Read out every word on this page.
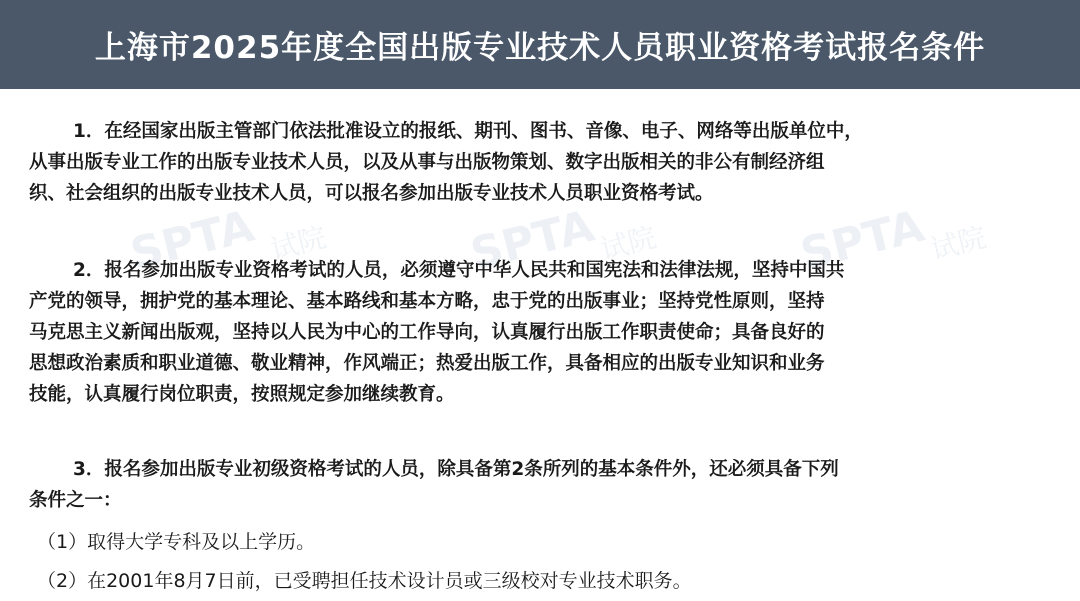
上海市2025年度全国出版专业技术人员职业资格考试报名条件
SPTA 试院	SPTA
试院	SPTA
试院
1．在经国家出版主管部门依法批准设立的报纸、期刊、图书、音像、电子、网络等出版单位中，
从事出版专业工作的出版专业技术人员，以及从事与出版物策划、数字出版相关的非公有制经济组
织、社会组织的出版专业技术人员，可以报名参加出版专业技术人员职业资格考试。
2．报名参加出版专业资格考试的人员，必须遵守中华人民共和国宪法和法律法规，坚持中国共
产党的领导，拥护党的基本理论、基本路线和基本方略，忠于党的出版事业；坚持党性原则，坚持
马克思主义新闻出版观，坚持以人民为中心的工作导向，认真履行出版工作职责使命；具备良好的
思想政治素质和职业道德、敬业精神，作风端正；热爱出版工作，具备相应的出版专业知识和业务
技能，认真履行岗位职责，按照规定参加继续教育。
3．报名参加出版专业初级资格考试的人员，除具备第2条所列的基本条件外，还必须具备下列
条件之一：
（1）取得大学专科及以上学历。
（2）在2001年8月7日前，已受聘担任技术设计员或三级校对专业技术职务。
